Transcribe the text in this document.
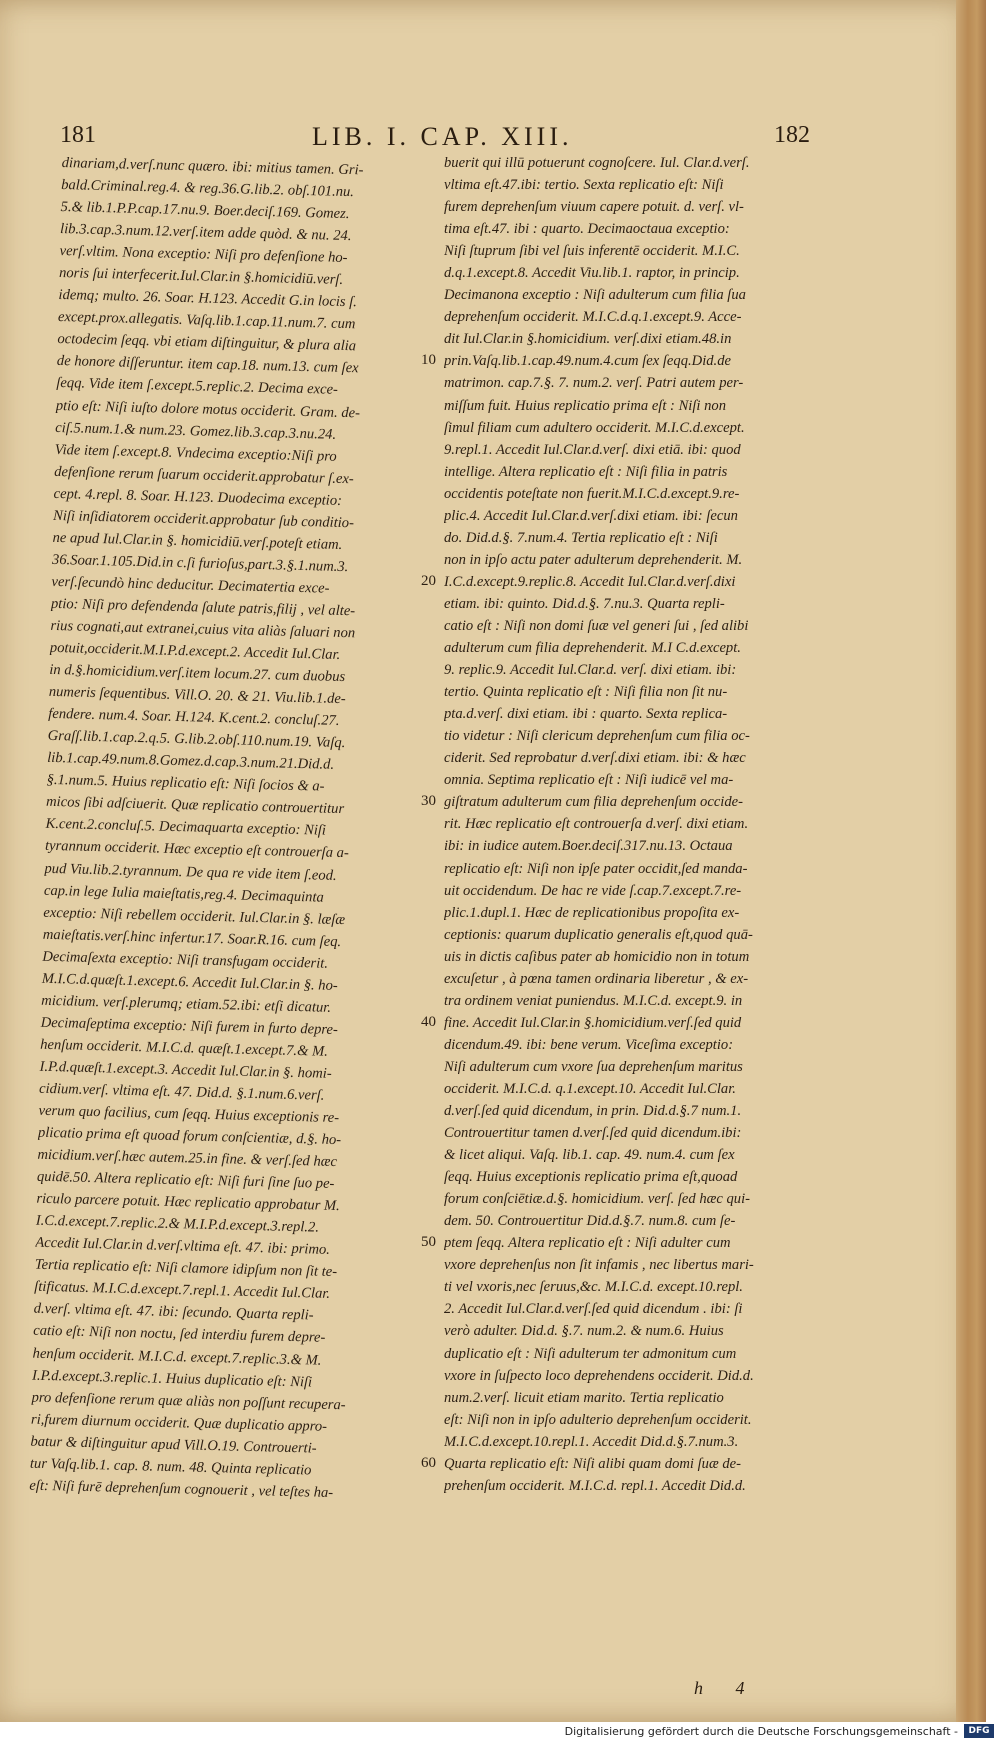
181	LIB. I. CAP. XIII.	182
dinariam,d.verſ.nunc quæro. ibi: mitius tamen. Gri-
bald.Criminal.reg.4. & reg.36.G.lib.2. obſ.101.nu.
5.& lib.1.P.P.cap.17.nu.9. Boer.deciſ.169. Gomez.
lib.3.cap.3.num.12.verſ.item adde quòd. & nu. 24.
verſ.vltim. Nona exceptio: Niſi pro defenſione ho-
noris ſui interfecerit.Iul.Clar.in §.homicidiū.verſ.
idemq; multo. 26. Soar. H.123. Accedit G.in locis ſ.
except.prox.allegatis. Vaſq.lib.1.cap.11.num.7. cum
octodecim ſeqq. vbi etiam diſtinguitur, & plura alia
de honore diſſeruntur. item cap.18. num.13. cum ſex
ſeqq. Vide item ſ.except.5.replic.2. Decima exce-
ptio eſt: Niſi iuſto dolore motus occiderit. Gram. de-
ciſ.5.num.1.& num.23. Gomez.lib.3.cap.3.nu.24.
Vide item ſ.except.8. Vndecima exceptio:Niſi pro
defenſione rerum ſuarum occiderit.approbatur ſ.ex-
cept. 4.repl. 8. Soar. H.123. Duodecima exceptio:
Niſi inſidiatorem occiderit.approbatur ſub conditio-
ne apud Iul.Clar.in §. homicidiū.verſ.poteſt etiam.
36.Soar.1.105.Did.in c.ſi furioſus,part.3.§.1.num.3.
verſ.ſecundò hinc deducitur. Decimatertia exce-
ptio: Niſi pro defendenda ſalute patris,filij , vel alte-
rius cognati,aut extranei,cuius vita aliàs ſaluari non
potuit,occiderit.M.I.P.d.except.2. Accedit Iul.Clar.
in d.§.homicidium.verſ.item locum.27. cum duobus
numeris ſequentibus. Vill.O. 20. & 21. Viu.lib.1.de-
fendere. num.4. Soar. H.124. K.cent.2. concluſ.27.
Graſſ.lib.1.cap.2.q.5. G.lib.2.obſ.110.num.19. Vaſq.
lib.1.cap.49.num.8.Gomez.d.cap.3.num.21.Did.d.
§.1.num.5. Huius replicatio eſt: Niſi ſocios & a-
micos ſibi adſciuerit. Quæ replicatio controuertitur
K.cent.2.concluſ.5. Decimaquarta exceptio: Niſi
tyrannum occiderit. Hæc exceptio eſt controuerſa a-
pud Viu.lib.2.tyrannum. De qua re vide item ſ.eod.
cap.in lege Iulia maieſtatis,reg.4. Decimaquinta
exceptio: Niſi rebellem occiderit. Iul.Clar.in §. læſæ
maieſtatis.verſ.hinc infertur.17. Soar.R.16. cum ſeq.
Decimaſexta exceptio: Niſi transfugam occiderit.
M.I.C.d.quæſt.1.except.6. Accedit Iul.Clar.in §. ho-
micidium. verſ.plerumq; etiam.52.ibi: etſi dicatur.
Decimaſeptima exceptio: Niſi furem in furto depre-
henſum occiderit. M.I.C.d. quæſt.1.except.7.& M.
I.P.d.quæſt.1.except.3. Accedit Iul.Clar.in §. homi-
cidium.verſ. vltima eſt. 47. Did.d. §.1.num.6.verſ.
verum quo facilius, cum ſeqq. Huius exceptionis re-
plicatio prima eſt quoad forum conſcientiæ, d.§. ho-
micidium.verſ.hæc autem.25.in fine. & verſ.ſed hæc
quidē.50. Altera replicatio eſt: Niſi furi ſine ſuo pe-
riculo parcere potuit. Hæc replicatio approbatur M.
I.C.d.except.7.replic.2.& M.I.P.d.except.3.repl.2.
Accedit Iul.Clar.in d.verſ.vltima eſt. 47. ibi: primo.
Tertia replicatio eſt: Niſi clamore idipſum non ſit te-
ſtificatus. M.I.C.d.except.7.repl.1. Accedit Iul.Clar.
d.verſ. vltima eſt. 47. ibi: ſecundo. Quarta repli-
catio eſt: Niſi non noctu, ſed interdiu furem depre-
henſum occiderit. M.I.C.d. except.7.replic.3.& M.
I.P.d.except.3.replic.1. Huius duplicatio eſt: Niſi
pro defenſione rerum quæ aliàs non poſſunt recupera-
ri,furem diurnum occiderit. Quæ duplicatio appro-
batur & diſtinguitur apud Vill.O.19. Controuerti-
tur Vaſq.lib.1. cap. 8. num. 48. Quinta replicatio
eſt: Niſi furē deprehenſum cognouerit , vel teſtes ha-
buerit qui illū potuerunt cognoſcere. Iul. Clar.d.verſ.
vltima eſt.47.ibi: tertio. Sexta replicatio eſt: Niſi
furem deprehenſum viuum capere potuit. d. verſ. vl-
tima eſt.47. ibi : quarto. Decimaoctaua exceptio:
Niſi ſtuprum ſibi vel ſuis inferentē occiderit. M.I.C.
d.q.1.except.8. Accedit Viu.lib.1. raptor, in princip.
Decimanona exceptio : Niſi adulterum cum filia ſua
deprehenſum occiderit. M.I.C.d.q.1.except.9. Acce-
dit Iul.Clar.in §.homicidium. verſ.dixi etiam.48.in
prin.Vaſq.lib.1.cap.49.num.4.cum ſex ſeqq.Did.de
matrimon. cap.7.§. 7. num.2. verſ. Patri autem per-
miſſum fuit. Huius replicatio prima eſt : Niſi non
ſimul filiam cum adultero occiderit. M.I.C.d.except.
9.repl.1. Accedit Iul.Clar.d.verſ. dixi etiā. ibi: quod
intellige. Altera replicatio eſt : Niſi filia in patris
occidentis poteſtate non fuerit.M.I.C.d.except.9.re-
plic.4. Accedit Iul.Clar.d.verſ.dixi etiam. ibi: ſecun
do. Did.d.§. 7.num.4. Tertia replicatio eſt : Niſi
non in ipſo actu pater adulterum deprehenderit. M.
I.C.d.except.9.replic.8. Accedit Iul.Clar.d.verſ.dixi
etiam. ibi: quinto. Did.d.§. 7.nu.3. Quarta repli-
catio eſt : Niſi non domi ſuæ vel generi ſui , ſed alibi
adulterum cum filia deprehenderit. M.I C.d.except.
9. replic.9. Accedit Iul.Clar.d. verſ. dixi etiam. ibi:
tertio. Quinta replicatio eſt : Niſi filia non ſit nu-
pta.d.verſ. dixi etiam. ibi : quarto. Sexta replica-
tio videtur : Niſi clericum deprehenſum cum filia oc-
ciderit. Sed reprobatur d.verſ.dixi etiam. ibi: & hæc
omnia. Septima replicatio eſt : Niſi iudicē vel ma-
giſtratum adulterum cum filia deprehenſum occide-
rit. Hæc replicatio eſt controuerſa d.verſ. dixi etiam.
ibi: in iudice autem.Boer.deciſ.317.nu.13. Octaua
replicatio eſt: Niſi non ipſe pater occidit,ſed manda-
uit occidendum. De hac re vide ſ.cap.7.except.7.re-
plic.1.dupl.1. Hæc de replicationibus propoſita ex-
ceptionis: quarum duplicatio generalis eſt,quod quā-
uis in dictis caſibus pater ab homicidio non in totum
excuſetur , à pœna tamen ordinaria liberetur , & ex-
tra ordinem veniat puniendus. M.I.C.d. except.9. in
fine. Accedit Iul.Clar.in §.homicidium.verſ.ſed quid
dicendum.49. ibi: bene verum. Viceſima exceptio:
Niſi adulterum cum vxore ſua deprehenſum maritus
occiderit. M.I.C.d. q.1.except.10. Accedit Iul.Clar.
d.verſ.ſed quid dicendum, in prin. Did.d.§.7 num.1.
Controuertitur tamen d.verſ.ſed quid dicendum.ibi:
& licet aliqui. Vaſq. lib.1. cap. 49. num.4. cum ſex
ſeqq. Huius exceptionis replicatio prima eſt,quoad
forum conſciētiæ.d.§. homicidium. verſ. ſed hæc qui-
dem. 50. Controuertitur Did.d.§.7. num.8. cum ſe-
ptem ſeqq. Altera replicatio eſt : Niſi adulter cum
vxore deprehenſus non ſit infamis , nec libertus mari-
ti vel vxoris,nec ſeruus,&c. M.I.C.d. except.10.repl.
2. Accedit Iul.Clar.d.verſ.ſed quid dicendum . ibi: ſi
verò adulter. Did.d. §.7. num.2. & num.6. Huius
duplicatio eſt : Niſi adulterum ter admonitum cum
vxore in ſuſpecto loco deprehendens occiderit. Did.d.
num.2.verſ. licuit etiam marito. Tertia replicatio
eſt: Niſi non in ipſo adulterio deprehenſum occiderit.
M.I.C.d.except.10.repl.1. Accedit Did.d.§.7.num.3.
Quarta replicatio eſt: Niſi alibi quam domi ſuæ de-
prehenſum occiderit. M.I.C.d. repl.1. Accedit Did.d.
10
20
30
40
50
60
h 4
Digitalisierung gefördert durch die Deutsche Forschungsgemeinschaft -	DFG
